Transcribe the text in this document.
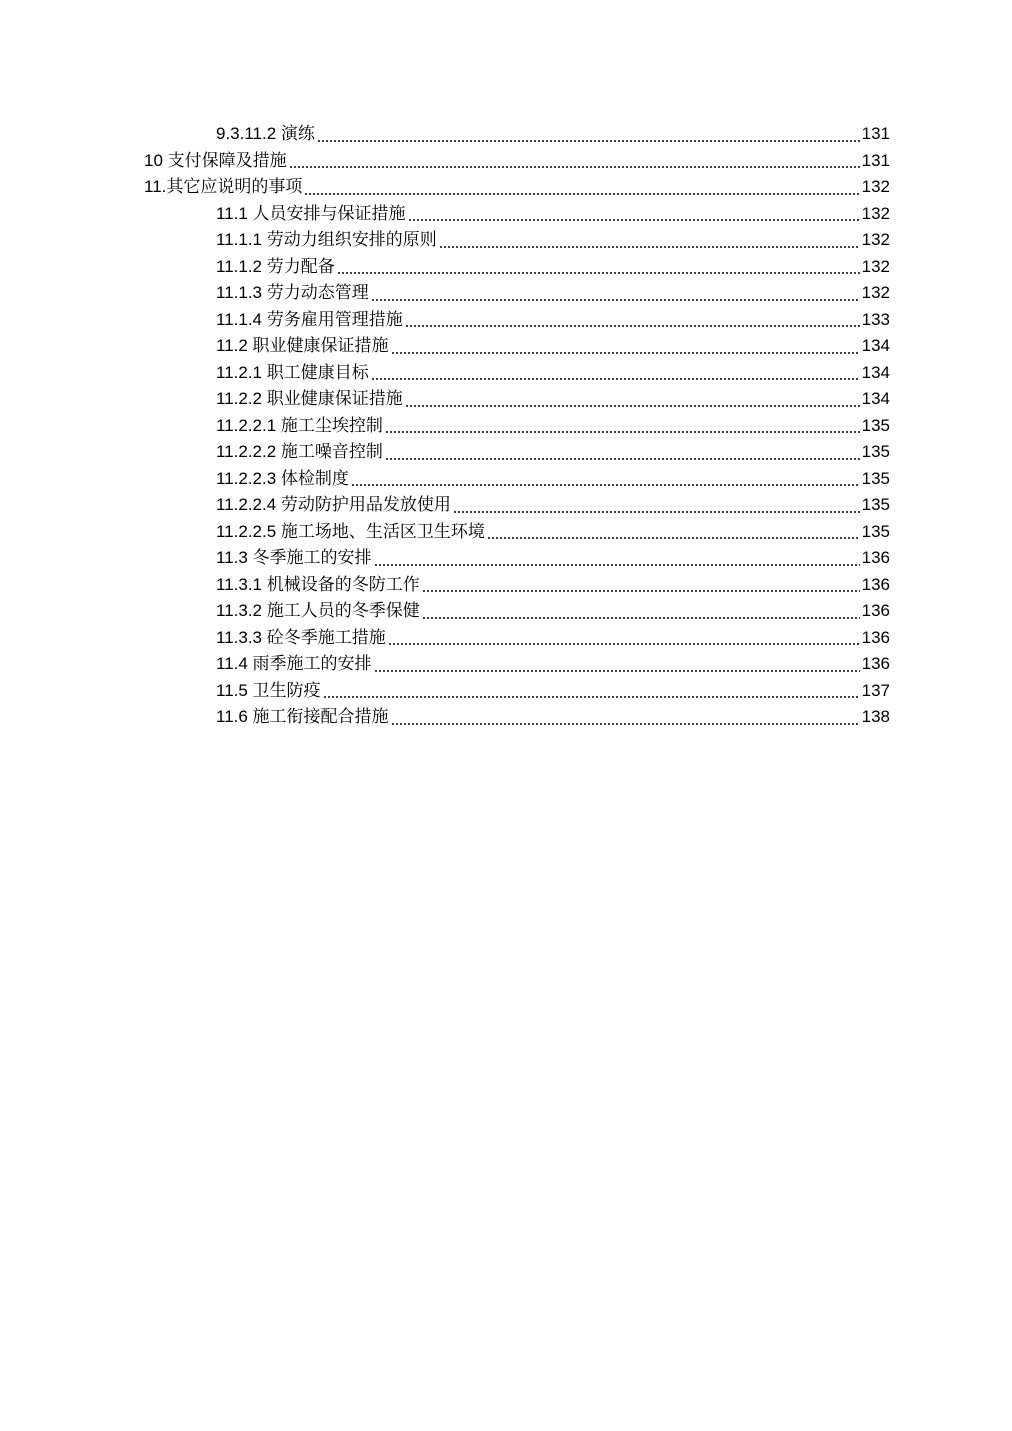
9.3.11.2 演练	131
10 支付保障及措施	131
11.其它应说明的事项	132
11.1 人员安排与保证措施	132
11.1.1 劳动力组织安排的原则	132
11.1.2 劳力配备	132
11.1.3 劳力动态管理	132
11.1.4 劳务雇用管理措施	133
11.2 职业健康保证措施	134
11.2.1 职工健康目标	134
11.2.2 职业健康保证措施	134
11.2.2.1 施工尘埃控制	135
11.2.2.2 施工噪音控制	135
11.2.2.3 体检制度	135
11.2.2.4 劳动防护用品发放使用	135
11.2.2.5 施工场地、生活区卫生环境	135
11.3 冬季施工的安排	136
11.3.1 机械设备的冬防工作	136
11.3.2 施工人员的冬季保健	136
11.3.3 砼冬季施工措施	136
11.4 雨季施工的安排	136
11.5 卫生防疫	137
11.6 施工衔接配合措施	138
